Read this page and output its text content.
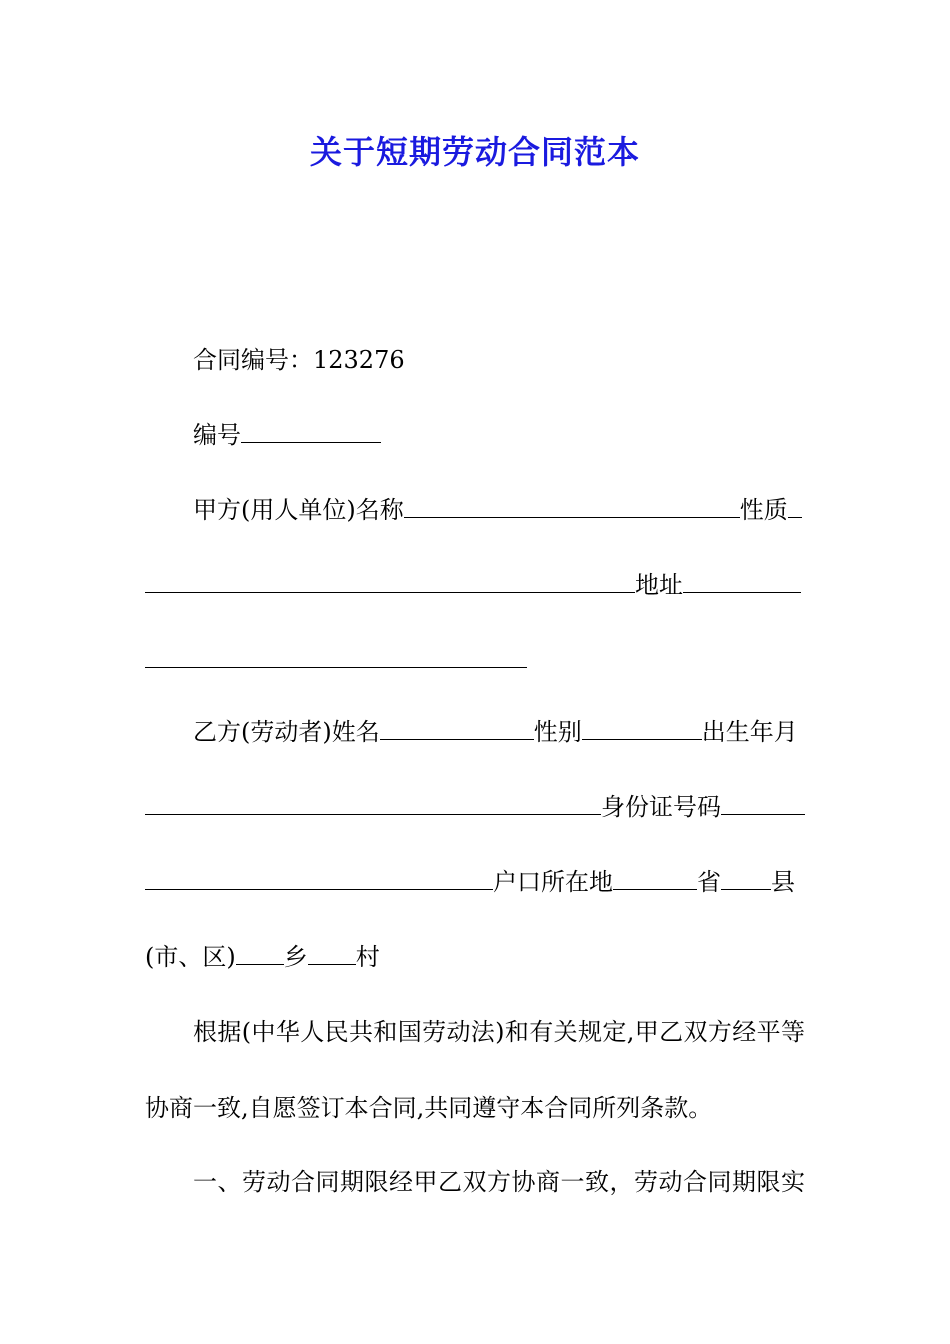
关于短期劳动合同范本
合同编号：123276
编号
甲方(用人单位)名称	性质
地址
乙方(劳动者)姓名	性别	出生年月
身份证号码
户口所在地	省 县
(市、区) 乡 村
根据(中华人民共和国劳动法)和有关规定,甲乙双方经平等
协商一致,自愿签订本合同,共同遵守本合同所列条款。
一、劳动合同期限经甲乙双方协商一致，劳动合同期限实
